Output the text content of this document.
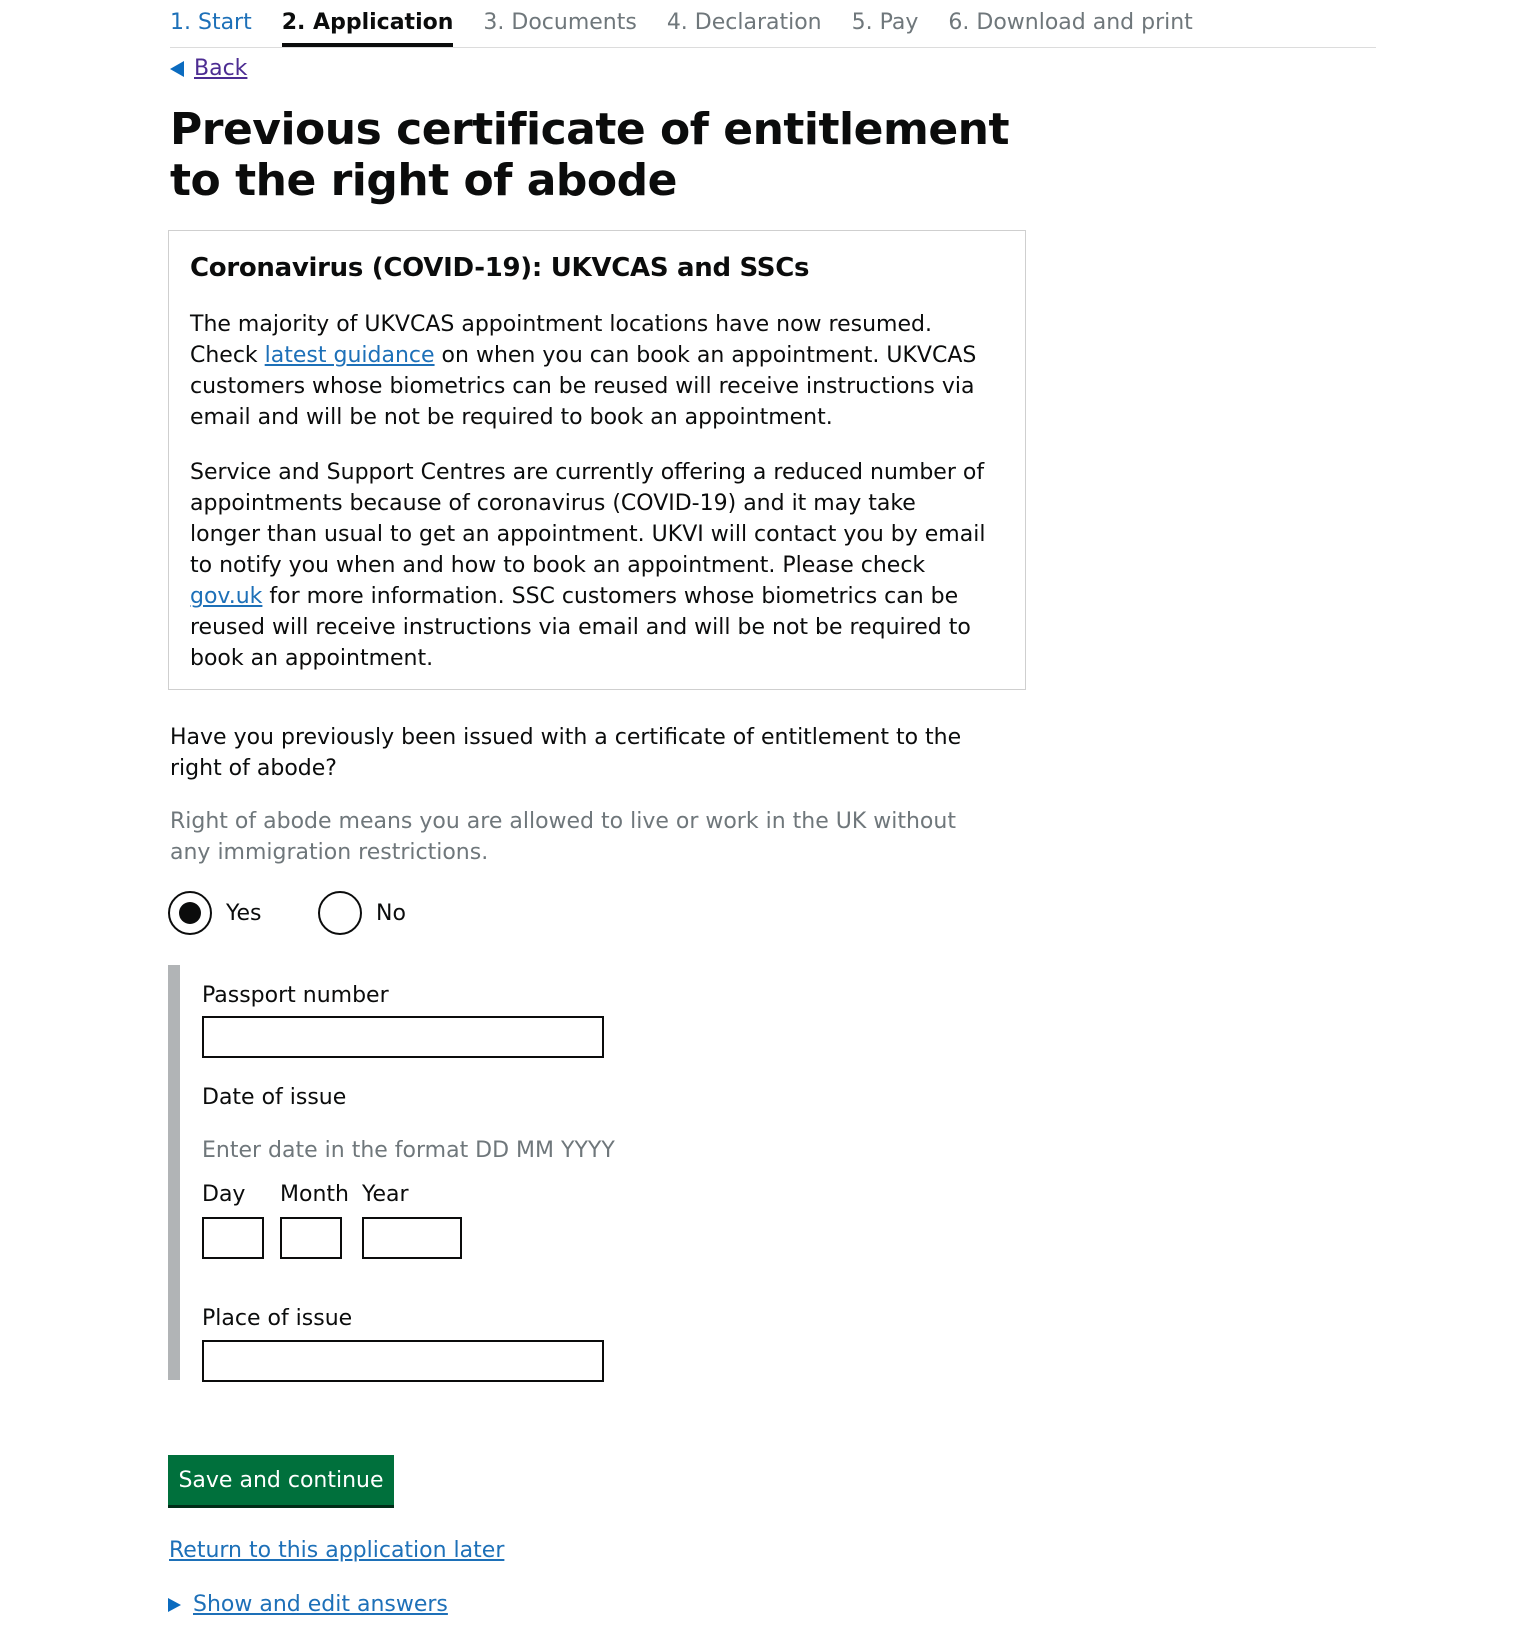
1. Start 2. Application 3. Documents 4. Declaration 5. Pay 6. Download and print
Back
Previous certificate of entitlement to the right of abode
Coronavirus (COVID-19): UKVCAS and SSCs

The majority of UKVCAS appointment locations have now resumed. Check latest guidance on when you can book an appointment. UKVCAS customers whose biometrics can be reused will receive instructions via email and will be not be required to book an appointment.

Service and Support Centres are currently offering a reduced number of appointments because of coronavirus (COVID-19) and it may take longer than usual to get an appointment. UKVI will contact you by email to notify you when and how to book an appointment. Please check gov.uk for more information. SSC customers whose biometrics can be reused will receive instructions via email and will be not be required to book an appointment.

Have you previously been issued with a certificate of entitlement to the right of abode?
Right of abode means you are allowed to live or work in the UK without any immigration restrictions.
Yes	No
Passport number
Date of issue
Enter date in the format DD MM YYYY
Day Month Year
Place of issue
Save and continue
Return to this application later
Show and edit answers
